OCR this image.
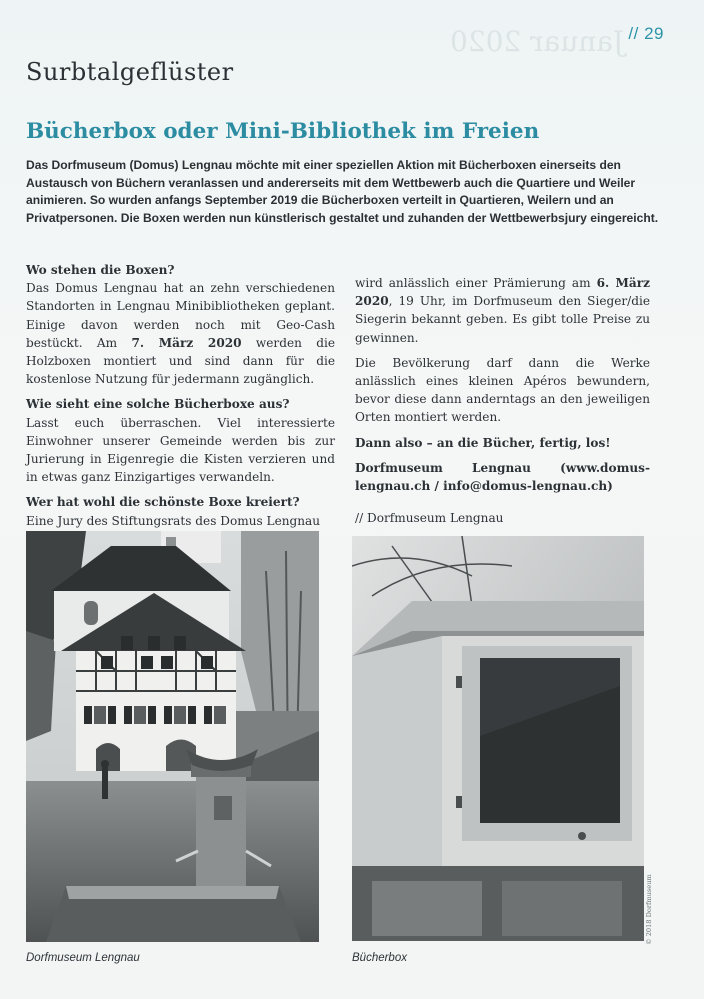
Januar 2020 // 29
Surbtalgeflüster
Bücherbox oder Mini-Bibliothek im Freien
Das Dorfmuseum (Domus) Lengnau möchte mit einer speziellen Aktion mit Bücherboxen einerseits den Austausch von Büchern veranlassen und andererseits mit dem Wettbewerb auch die Quartiere und Weiler animieren. So wurden anfangs September 2019 die Bücherboxen verteilt in Quartieren, Weilern und an Privatpersonen. Die Boxen werden nun künstlerisch gestaltet und zuhanden der Wettbewerbsjury eingereicht.
Wo stehen die Boxen?

Das Domus Lengnau hat an zehn verschiedenen Standorten in Lengnau Minibibliotheken geplant. Einige davon werden noch mit Geo-Cash bestückt. Am 7. März 2020 werden die Holzboxen montiert und sind dann für die kostenlose Nutzung für jedermann zugänglich.

Wie sieht eine solche Bücherboxe aus?

Lasst euch überraschen. Viel interessierte Einwohner unserer Gemeinde werden bis zur Jurierung in Eigenregie die Kisten verzieren und in etwas ganz Einzigartiges verwandeln.

Wer hat wohl die schönste Boxe kreiert?

Eine Jury des Stiftungsrats des Domus Lengnau

wird anlässlich einer Prämierung am 6. März 2020, 19 Uhr, im Dorfmuseum den Sieger/die Siegerin bekannt geben. Es gibt tolle Preise zu gewinnen.

Die Bevölkerung darf dann die Werke anlässlich eines kleinen Apéros bewundern, bevor diese dann anderntags an den jeweiligen Orten montiert werden.

Dann also – an die Bücher, fertig, los!

Dorfmuseum Lengnau (www.domus-lengnau.ch / info@domus-lengnau.ch)

// Dorfmuseum Lengnau

Dorfmuseum Lengnau	Bücherbox
© 2018 Dorfmuseum
